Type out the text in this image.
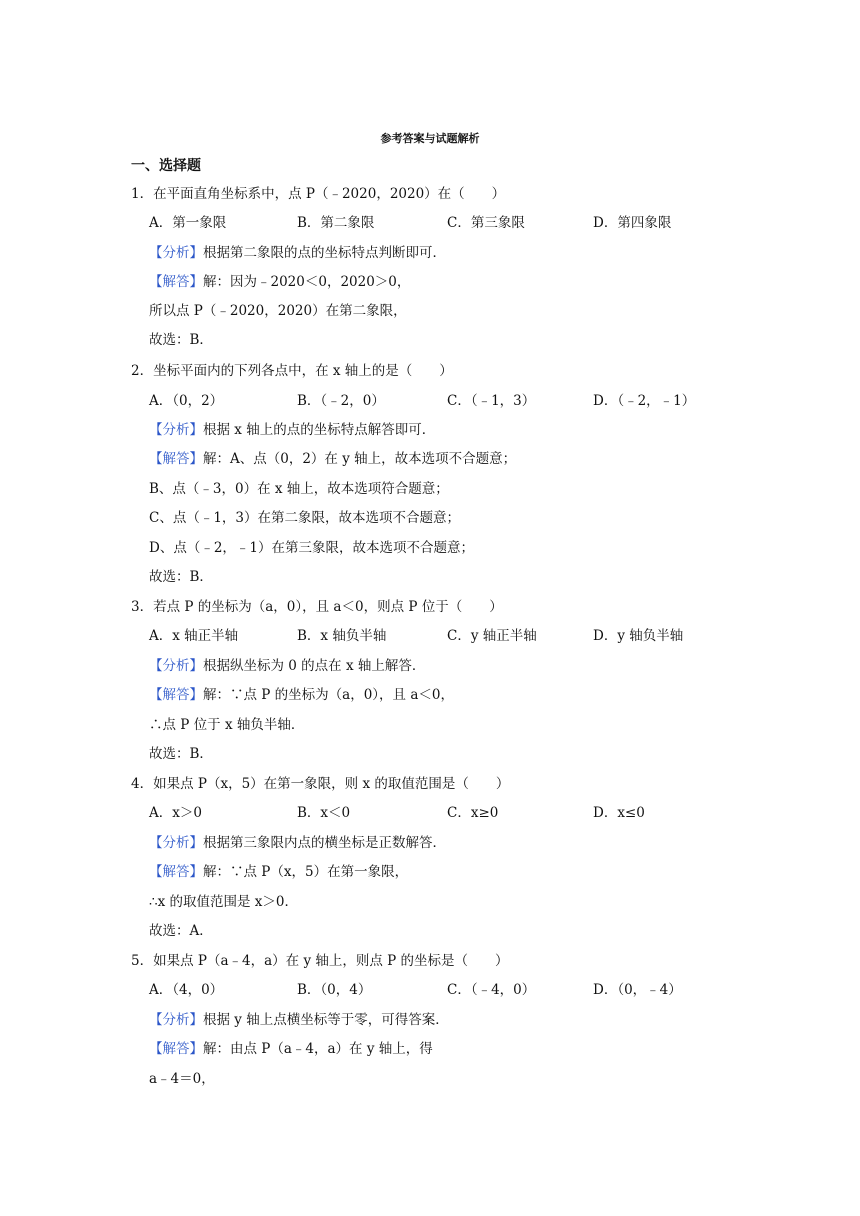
参考答案与试题解析
一、选择题
1．在平面直角坐标系中，点 P（﹣2020，2020）在（　　）
A．第一象限	B．第二象限	C．第三象限	D．第四象限
【分析】根据第二象限的点的坐标特点判断即可．
【解答】解：因为﹣2020＜0，2020＞0，
所以点 P（﹣2020，2020）在第二象限，
故选：B．
2．坐标平面内的下列各点中，在 x 轴上的是（　　）
A．（0，2）	B．（﹣2，0）	C．（﹣1，3）	D．（﹣2，﹣1）
【分析】根据 x 轴上的点的坐标特点解答即可．
【解答】解：A、点（0，2）在 y 轴上，故本选项不合题意；
B、点（﹣3，0）在 x 轴上，故本选项符合题意；
C、点（﹣1，3）在第二象限，故本选项不合题意；
D、点（﹣2，﹣1）在第三象限，故本选项不合题意；
故选：B．
3．若点 P 的坐标为（a，0），且 a＜0，则点 P 位于（　　）
A．x 轴正半轴	B．x 轴负半轴	C．y 轴正半轴	D．y 轴负半轴
【分析】根据纵坐标为 0 的点在 x 轴上解答．
【解答】解：∵点 P 的坐标为（a，0），且 a＜0，
∴点 P 位于 x 轴负半轴．
故选：B．
4．如果点 P（x，5）在第一象限，则 x 的取值范围是（　　）
A．x＞0	B．x＜0	C．x≥0	D．x≤0
【分析】根据第三象限内点的横坐标是正数解答．
【解答】解：∵点 P（x，5）在第一象限，
∴x 的取值范围是 x＞0．
故选：A．
5．如果点 P（a﹣4，a）在 y 轴上，则点 P 的坐标是（　　）
A．（4，0）	B．（0，4）	C．（﹣4，0）	D．（0，﹣4）
【分析】根据 y 轴上点横坐标等于零，可得答案．
【解答】解：由点 P（a﹣4，a）在 y 轴上，得
a﹣4＝0，
